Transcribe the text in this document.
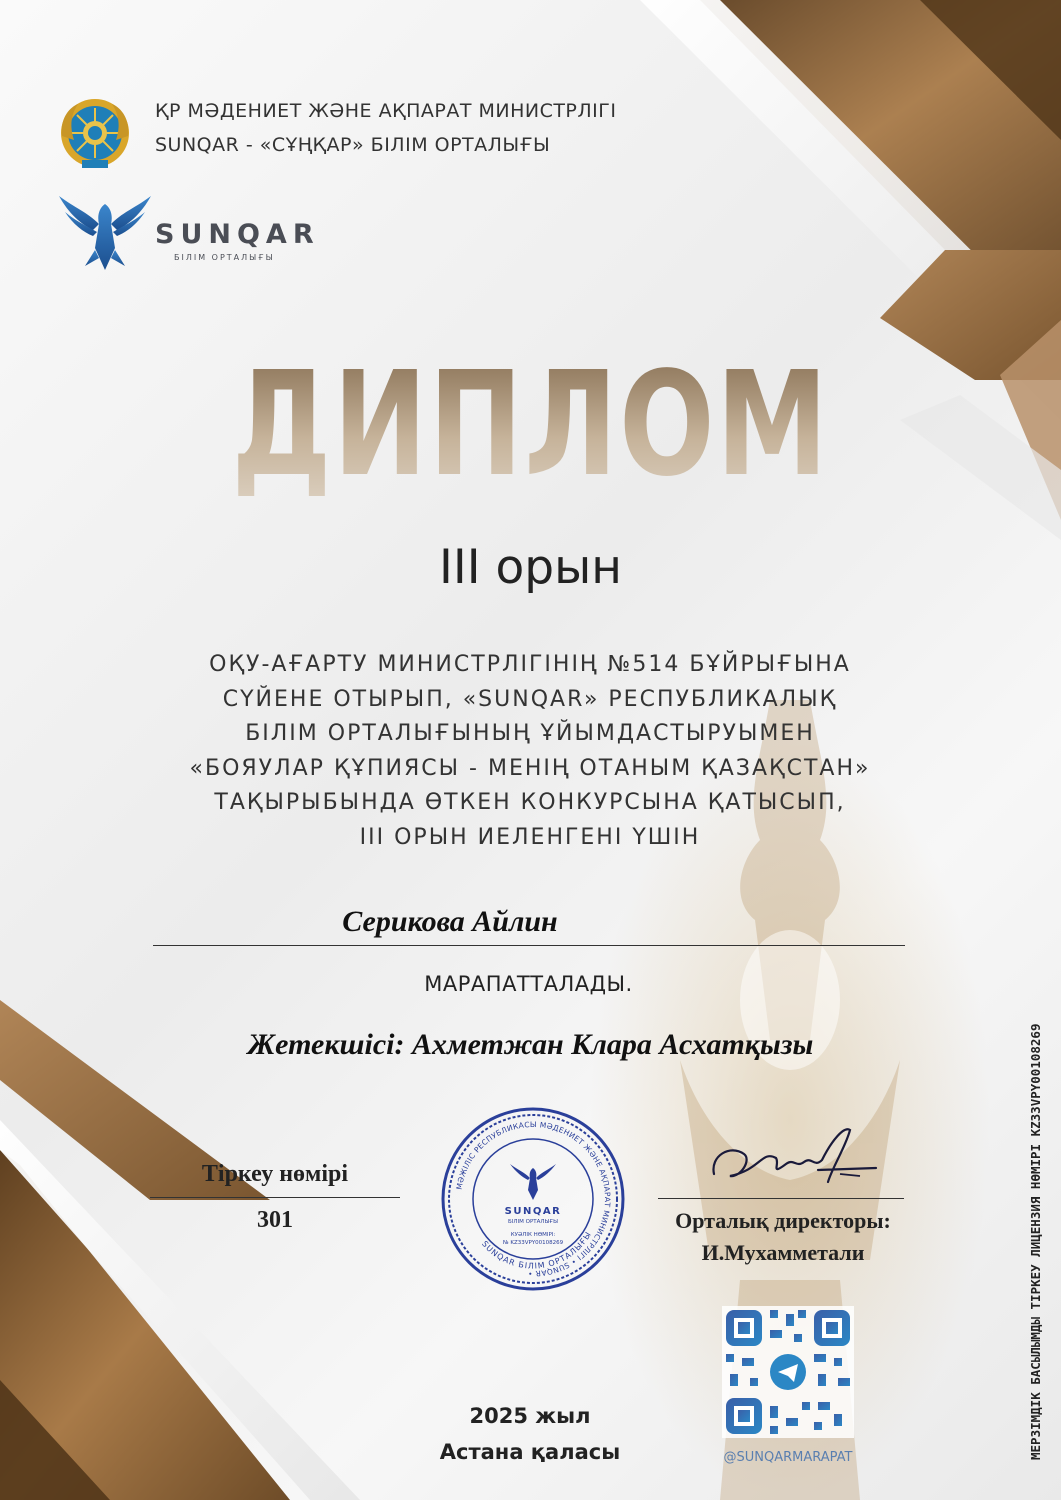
ҚР МӘДЕНИЕТ ЖӘНЕ АҚПАРАТ МИНИСТРЛІГІ
SUNQAR - «СҰҢҚАР» БІЛІМ ОРТАЛЫҒЫ
SUNQAR
БІЛІМ ОРТАЛЫҒЫ
ДИПЛОМ
III орын
ОҚУ-АҒАРТУ МИНИСТРЛІГІНІҢ №514 БҰЙРЫҒЫНА
СҮЙЕНЕ ОТЫРЫП, «SUNQAR» РЕСПУБЛИКАЛЫҚ
БІЛІМ ОРТАЛЫҒЫНЫҢ ҰЙЫМДАСТЫРУЫМЕН
«БОЯУЛАР ҚҰПИЯСЫ - МЕНІҢ ОТАНЫМ ҚАЗАҚСТАН»
ТАҚЫРЫБЫНДА ӨТКЕН КОНКУРСЫНА ҚАТЫСЫП,
III ОРЫН ИЕЛЕНГЕНІ ҮШІН
Серикова Айлин
МАРАПАТТАЛАДЫ.
Жетекшісі: Ахметжан Клара Асхатқызы
Тіркеу нөмірі
301
МӘЖІЛІС РЕСПУБЛИКАСЫ МӘДЕНИЕТ ЖӘНЕ АҚПАРАТ МИНИСТРЛІГІ • SUNQAR •
SUNQAR БІЛІМ ОРТАЛЫҒЫ
SUNQAR
БІЛІМ ОРТАЛЫҒЫ
КУӘЛІК НӨМІРІ:
№ KZ33VPY00108269
Орталық директоры:
И.Мухамметали
@SUNQARMARAPAT
2025 жыл
Астана қаласы	МЕРЗІМДІК БАСЫЛЫМДЫ ТІРКЕУ ЛИЦЕНЗИЯ НӨМІРІ KZ33VPY00108269
